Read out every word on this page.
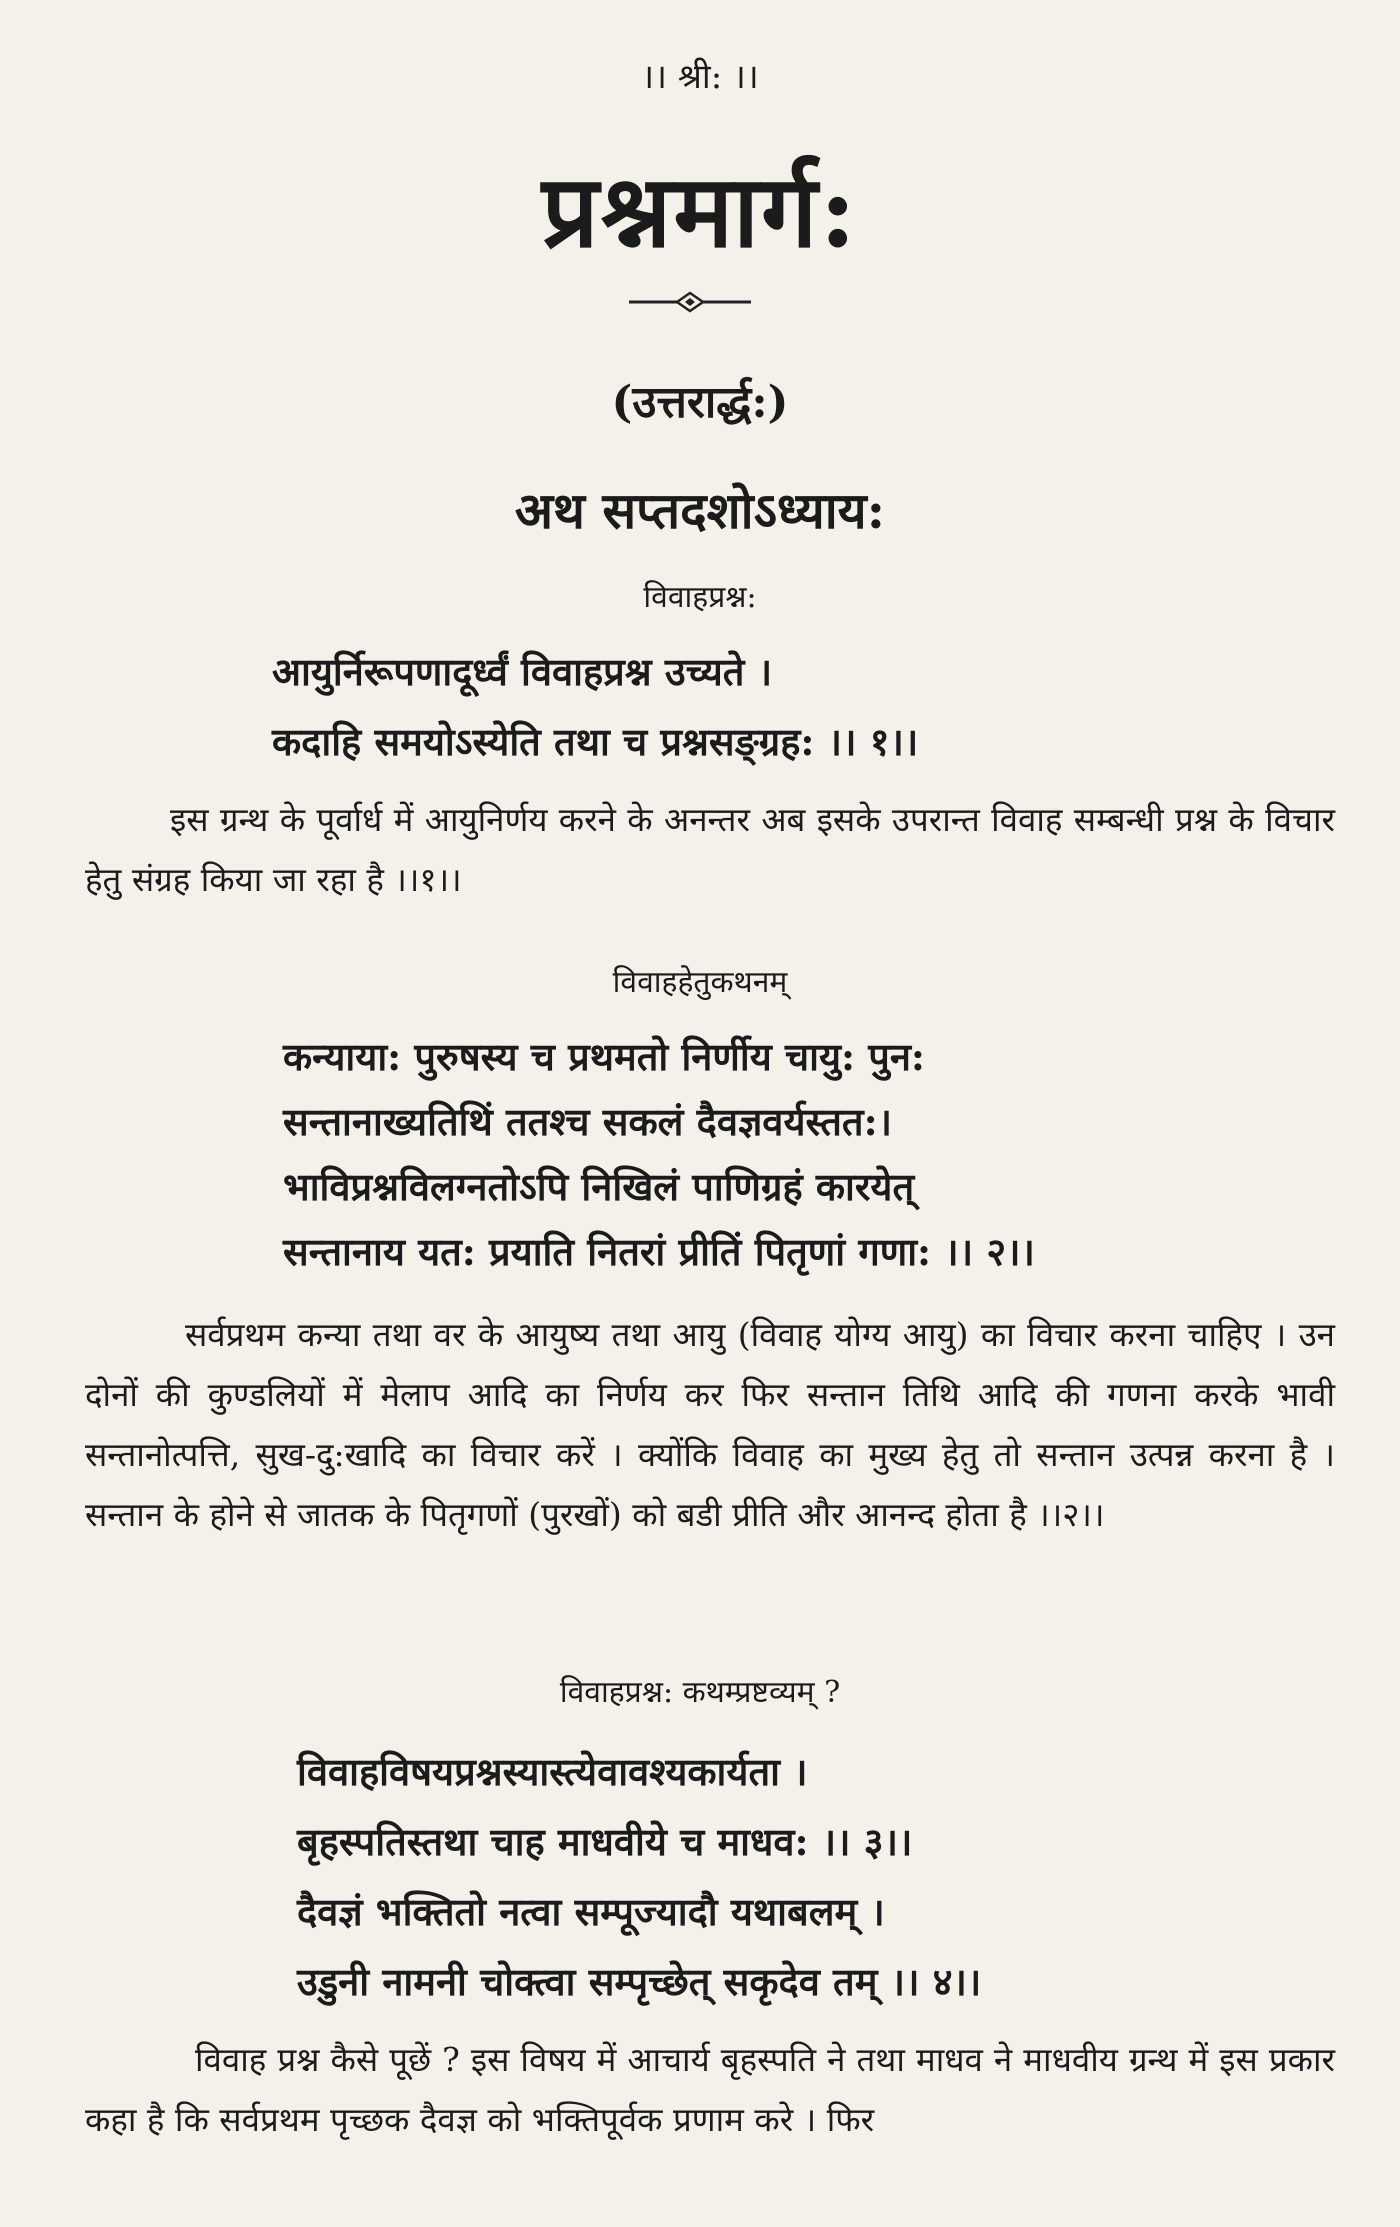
।। श्री: ।।

प्रश्नमार्ग:

(उत्तरार्द्ध:)

अथ सप्तदशोऽध्याय:

विवाहप्रश्न:

आयुर्निरूपणादूर्ध्वं विवाहप्रश्न उच्यते ।

कदाहि समयोऽस्येति तथा च प्रश्नसङ्ग्रह: ।। १।।

इस ग्रन्थ के पूर्वार्ध में आयुनिर्णय करने के अनन्तर अब इसके उपरान्त विवाह सम्बन्धी प्रश्न के विचार हेतु संग्रह किया जा रहा है ।।१।।

विवाहहेतुकथनम्

कन्याया: पुरुषस्य च प्रथमतो निर्णीय चायु: पुन:

सन्तानाख्यतिथिं ततश्च सकलं दैवज्ञवर्यस्तत:।

भाविप्रश्नविलग्नतोऽपि निखिलं पाणिग्रहं कारयेत्

सन्तानाय यत: प्रयाति नितरां प्रीतिं पितृणां गणा: ।। २।।

सर्वप्रथम कन्या तथा वर के आयुष्य तथा आयु (विवाह योग्य आयु) का विचार करना चाहिए । उन दोनों की कुण्डलियों में मेलाप आदि का निर्णय कर फिर सन्तान तिथि आदि की गणना करके भावी सन्तानोत्पत्ति, सुख-दु:खादि का विचार करें । क्योंकि विवाह का मुख्य हेतु तो सन्तान उत्पन्न करना है । सन्तान के होने से जातक के पितृगणों (पुरखों) को बडी प्रीति और आनन्द होता है ।।२।।

विवाहप्रश्न: कथम्प्रष्टव्यम् ?

विवाहविषयप्रश्नस्यास्त्येवावश्यकार्यता ।

बृहस्पतिस्तथा चाह माधवीये च माधव: ।। ३।।

दैवज्ञं भक्तितो नत्वा सम्पूज्यादौ यथाबलम् ।

उडुनी नामनी चोक्त्वा सम्पृच्छेत् सकृदेव तम् ।। ४।।

विवाह प्रश्न कैसे पूछें ? इस विषय में आचार्य बृहस्पति ने तथा माधव ने माधवीय ग्रन्थ में इस प्रकार कहा है कि सर्वप्रथम पृच्छक दैवज्ञ को भक्तिपूर्वक प्रणाम करे । फिर
